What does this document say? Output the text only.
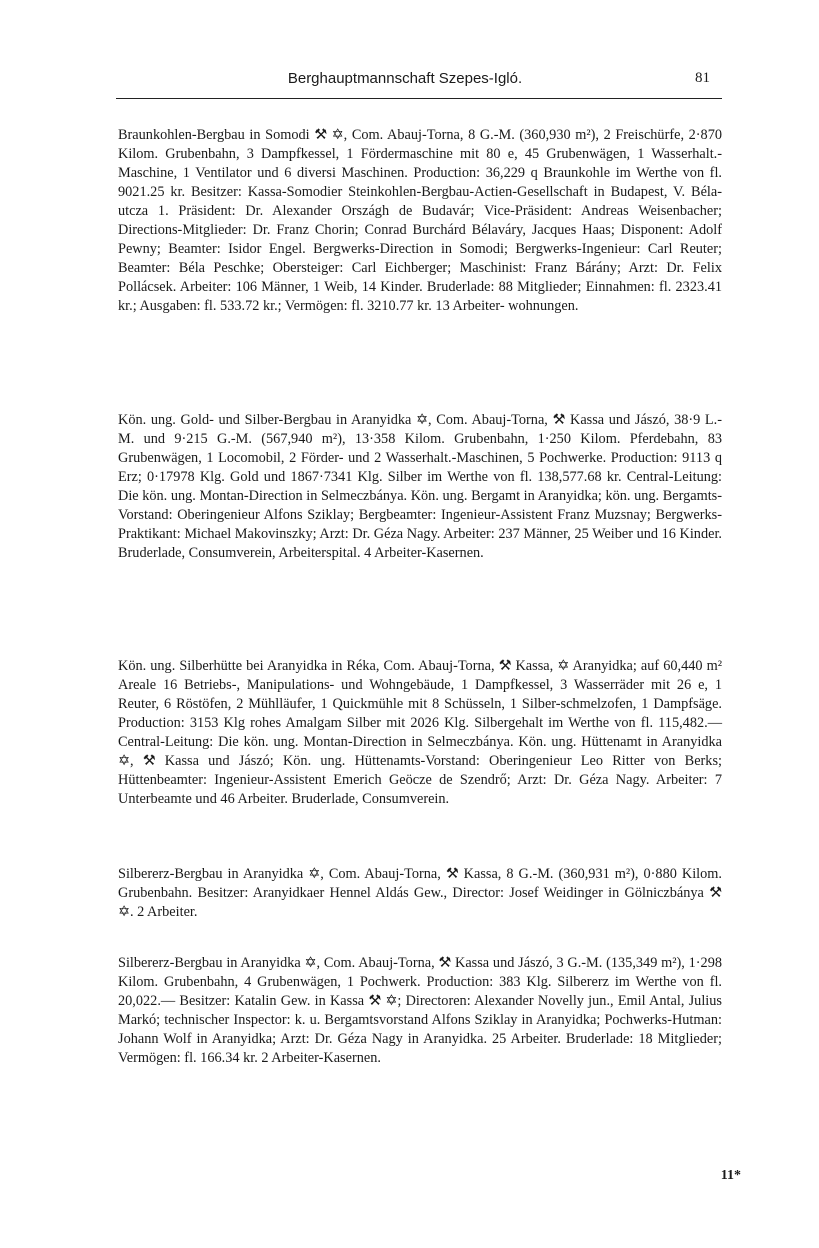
Berghauptmannschaft Szepes-Igló.	81

Braunkohlen-Bergbau in Somodi ⚒ ✡, Com. Abauj-Torna, 8 G.-M. (360,930 m²), 2 Freischürfe, 2·870 Kilom. Grubenbahn, 3 Dampfkessel, 1 Fördermaschine mit 80 e, 45 Grubenwägen, 1 Wasserhalt.-Maschine, 1 Ventilator und 6 diversi Maschinen. Production: 36,229 q Braunkohle im Werthe von fl. 9021.25 kr. Besitzer: Kassa-Somodier Steinkohlen-Bergbau-Actien-Gesellschaft in Budapest, V. Béla-utcza 1. Präsident: Dr. Alexander Országh de Budavár; Vice-Präsident: Andreas Weisenbacher; Directions-Mitglieder: Dr. Franz Chorin; Conrad Burchárd Bélaváry, Jacques Haas; Disponent: Adolf Pewny; Beamter: Isidor Engel. Bergwerks-Direction in Somodi; Bergwerks-Ingenieur: Carl Reuter; Beamter: Béla Peschke; Obersteiger: Carl Eichberger; Maschinist: Franz Bárány; Arzt: Dr. Felix Pollácsek. Arbeiter: 106 Männer, 1 Weib, 14 Kinder. Bruderlade: 88 Mitglieder; Einnahmen: fl. 2323.41 kr.; Ausgaben: fl. 533.72 kr.; Vermögen: fl. 3210.77 kr. 13 Arbeiter- wohnungen.

Kön. ung. Gold- und Silber-Bergbau in Aranyidka ✡, Com. Abauj-Torna, ⚒ Kassa und Jászó, 38·9 L.-M. und 9·215 G.-M. (567,940 m²), 13·358 Kilom. Grubenbahn, 1·250 Kilom. Pferdebahn, 83 Grubenwägen, 1 Locomobil, 2 Förder- und 2 Wasserhalt.-Maschinen, 5 Pochwerke. Production: 9113 q Erz; 0·17978 Klg. Gold und 1867·7341 Klg. Silber im Werthe von fl. 138,577.68 kr. Central-Leitung: Die kön. ung. Montan-Direction in Selmeczbánya. Kön. ung. Bergamt in Aranyidka; kön. ung. Bergamts-Vorstand: Oberingenieur Alfons Sziklay; Bergbeamter: Ingenieur-Assistent Franz Muzsnay; Bergwerks-Praktikant: Michael Makovinszky; Arzt: Dr. Géza Nagy. Arbeiter: 237 Männer, 25 Weiber und 16 Kinder. Bruderlade, Consumverein, Arbeiterspital. 4 Arbeiter-Kasernen.

Kön. ung. Silberhütte bei Aranyidka in Réka, Com. Abauj-Torna, ⚒ Kassa, ✡ Aranyidka; auf 60,440 m² Areale 16 Betriebs-, Manipulations- und Wohngebäude, 1 Dampfkessel, 3 Wasserräder mit 26 e, 1 Reuter, 6 Röstöfen, 2 Mühlläufer, 1 Quickmühle mit 8 Schüsseln, 1 Silber-schmelzofen, 1 Dampfsäge. Production: 3153 Klg rohes Amalgam Silber mit 2026 Klg. Silbergehalt im Werthe von fl. 115,482.— Central-Leitung: Die kön. ung. Montan-Direction in Selmeczbánya. Kön. ung. Hüttenamt in Aranyidka ✡, ⚒ Kassa und Jászó; Kön. ung. Hüttenamts-Vorstand: Oberingenieur Leo Ritter von Berks; Hüttenbeamter: Ingenieur-Assistent Emerich Geöcze de Szendrő; Arzt: Dr. Géza Nagy. Arbeiter: 7 Unterbeamte und 46 Arbeiter. Bruderlade, Consumverein.

Silbererz-Bergbau in Aranyidka ✡, Com. Abauj-Torna, ⚒ Kassa, 8 G.-M. (360,931 m²), 0·880 Kilom. Grubenbahn. Besitzer: Aranyidkaer Hennel Aldás Gew., Director: Josef Weidinger in Gölniczbánya ⚒ ✡. 2 Arbeiter.

Silbererz-Bergbau in Aranyidka ✡, Com. Abauj-Torna, ⚒ Kassa und Jászó, 3 G.-M. (135,349 m²), 1·298 Kilom. Grubenbahn, 4 Grubenwägen, 1 Pochwerk. Production: 383 Klg. Silbererz im Werthe von fl. 20,022.— Besitzer: Katalin Gew. in Kassa ⚒ ✡; Directoren: Alexander Novelly jun., Emil Antal, Julius Markó; technischer Inspector: k. u. Bergamtsvorstand Alfons Sziklay in Aranyidka; Pochwerks-Hutman: Johann Wolf in Aranyidka; Arzt: Dr. Géza Nagy in Aranyidka. 25 Arbeiter. Bruderlade: 18 Mitglieder; Vermögen: fl. 166.34 kr. 2 Arbeiter-Kasernen.

11*
